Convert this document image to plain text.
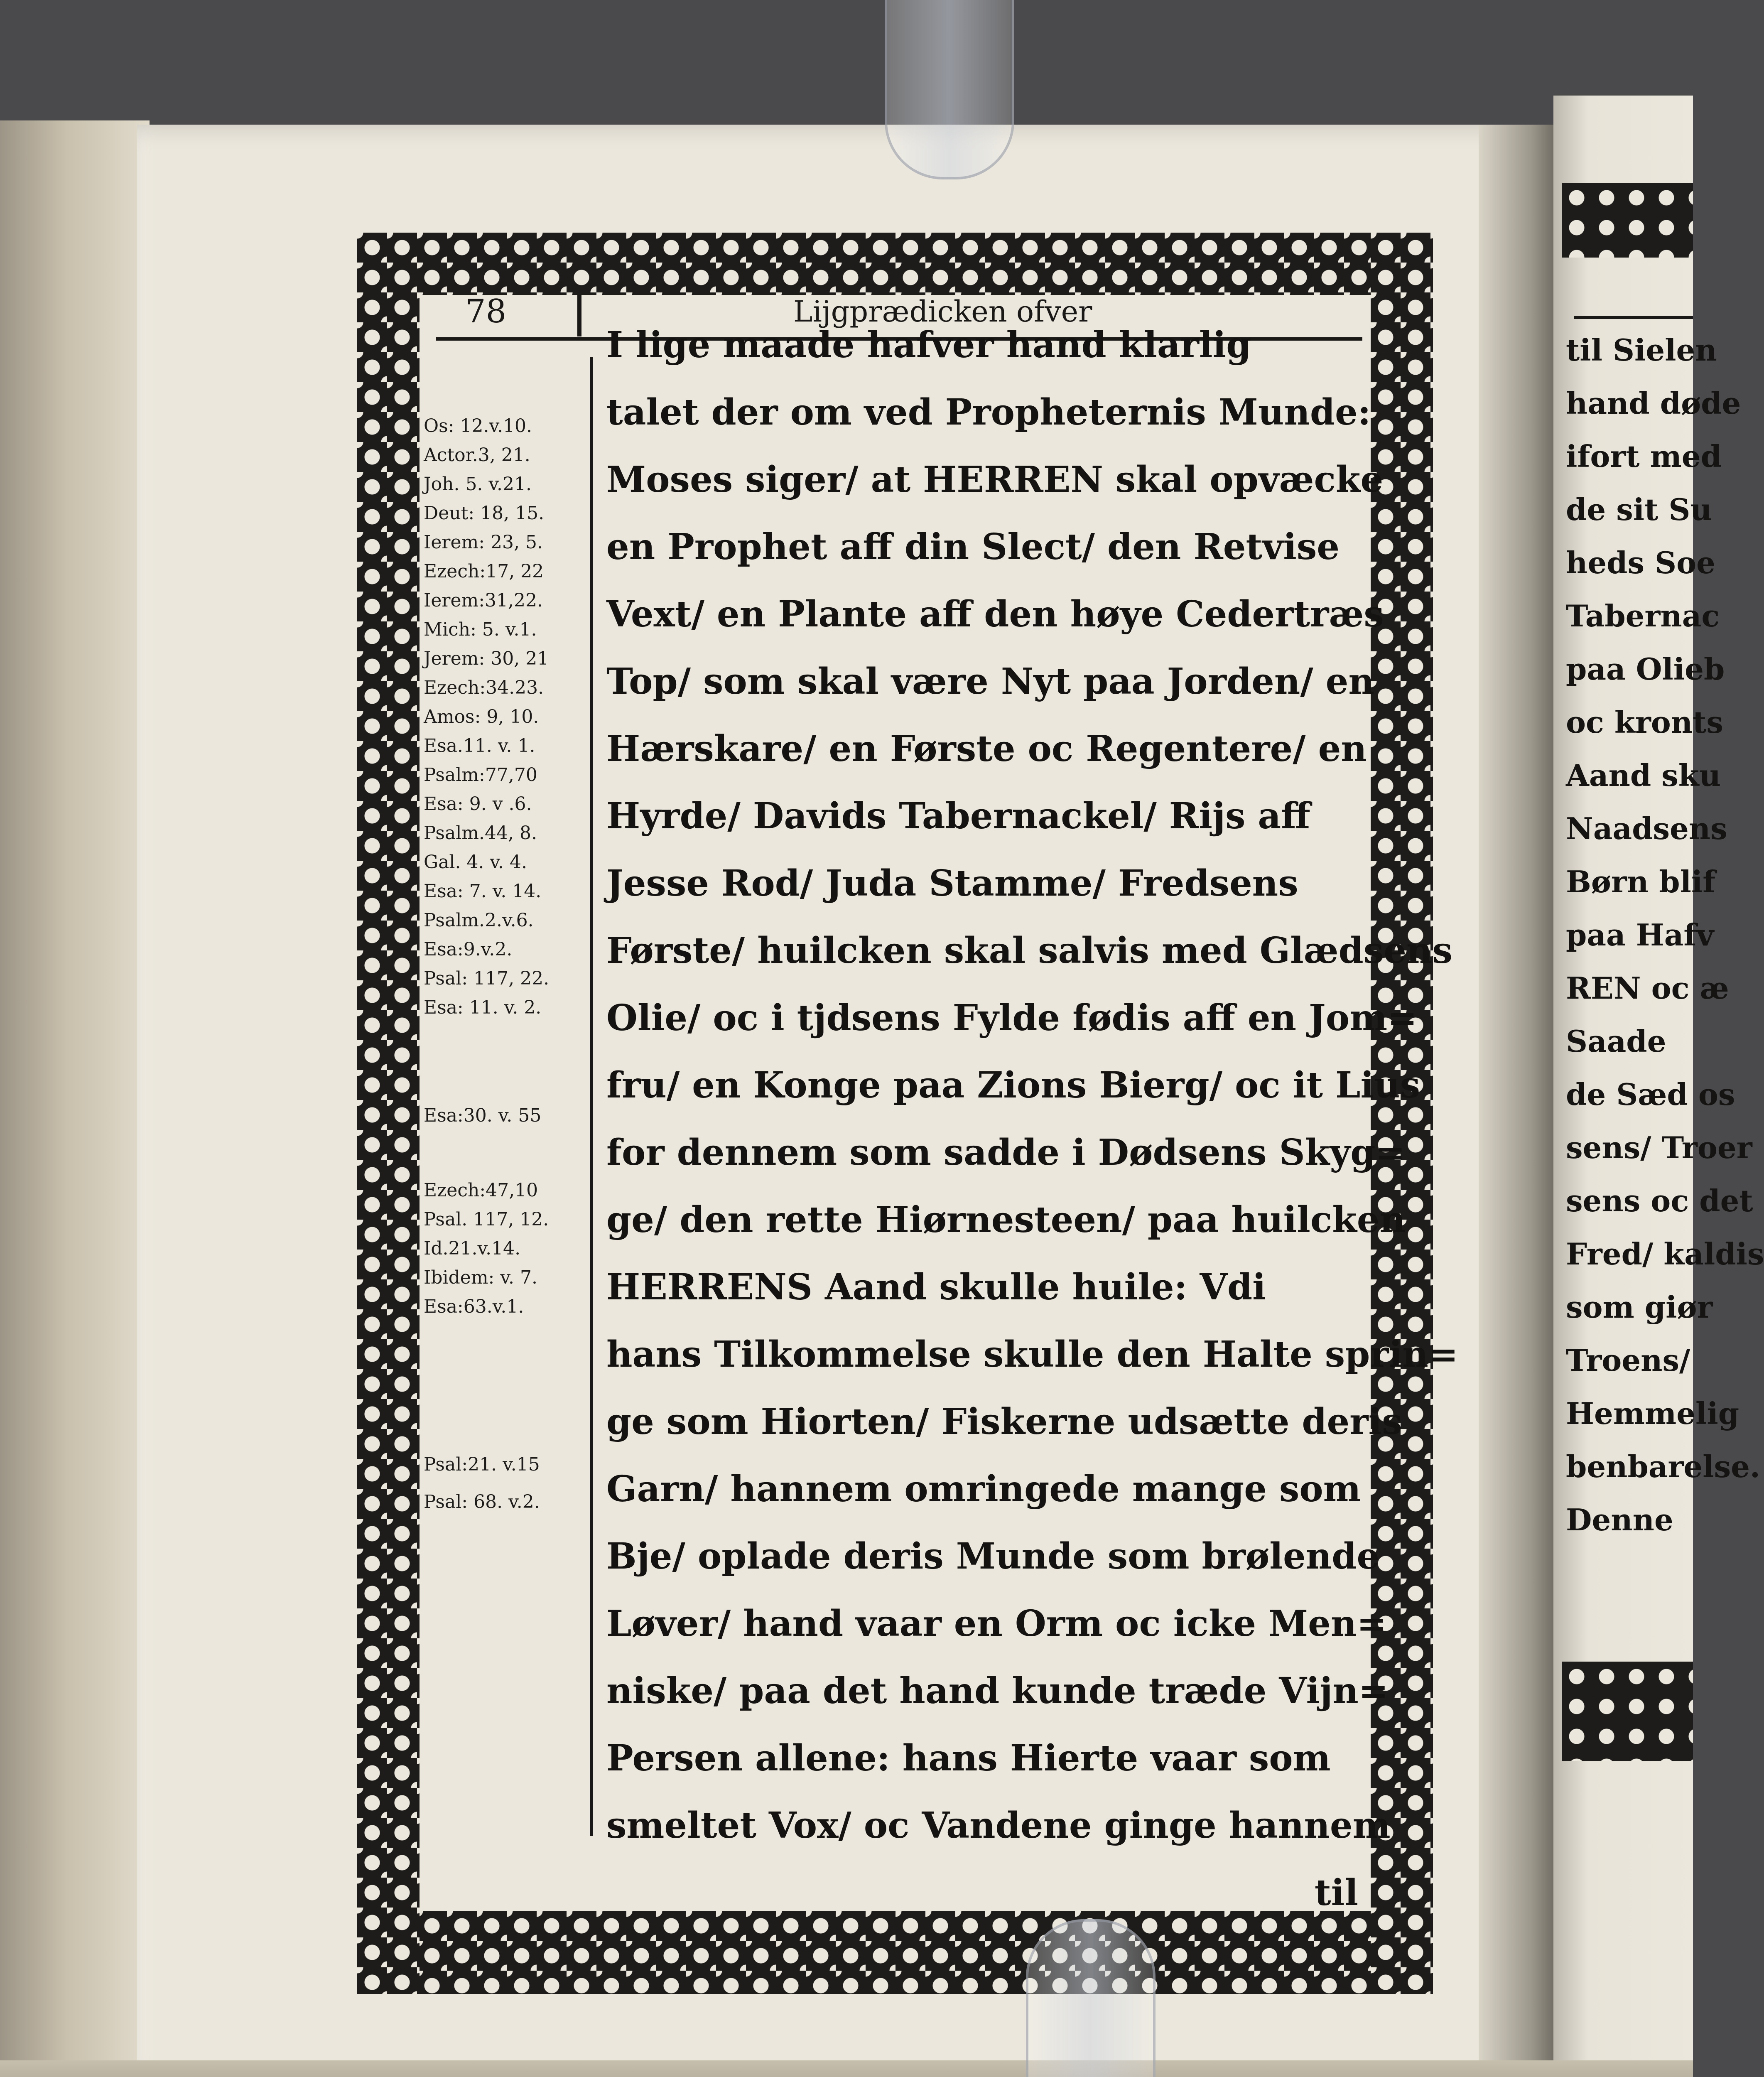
78	Lijgprædicken ofver
Os: 12.v.10.
Actor.3, 21.
Joh. 5. v.21.
Deut: 18, 15.
Ierem: 23, 5.
Ezech:17, 22
Ierem:31,22.
Mich: 5. v.1.
Jerem: 30, 21
Ezech:34.23.
Amos: 9, 10.
Esa.11. v. 1.
Psalm:77,70
Esa: 9. v .6.
Psalm.44, 8.
Gal. 4. v. 4.
Esa: 7. v. 14.
Psalm.2.v.6.
Esa:9.v.2.
Psal: 117, 22.
Esa: 11. v. 2.
Esa:30. v. 55
Ezech:47,10
Psal. 117, 12.
Id.21.v.14.
Ibidem: v. 7.
Esa:63.v.1.
Psal:21. v.15
Psal: 68. v.2.
I lige maade hafver hand klarlig
talet der om ved Propheternis Munde:
Moses siger/ at HERREN skal opvæcke
en Prophet aff din Slect/ den Retvise
Vext/ en Plante aff den høye Cedertræs
Top/ som skal være Nyt paa Jorden/ en
Hærskare/ en Første oc Regentere/ en
Hyrde/ Davids Tabernackel/ Rijs aff
Jesse Rod/ Juda Stamme/ Fredsens
Første/ huilcken skal salvis med Glædsens
Olie/ oc i tjdsens Fylde fødis aff en Jom=
fru/ en Konge paa Zions Bierg/ oc it Lius
for dennem som sadde i Dødsens Skyg=
ge/ den rette Hiørnesteen/ paa huilcken
HERRENS Aand skulle huile: Vdi
hans Tilkommelse skulle den Halte sprin=
ge som Hiorten/ Fiskerne udsætte deris
Garn/ hannem omringede mange som
Bje/ oplade deris Munde som brølende
Løver/ hand vaar en Orm oc icke Men=
niske/ paa det hand kunde træde Vijn=
Persen allene: hans Hierte vaar som
smeltet Vox/ oc Vandene ginge hannem
til
til Sielen
hand døde
ifort med
de sit Su
heds Soe
Tabernac
paa Olieb
oc kronts
Aand sku
Naadsens
Børn blif
paa Hafv
REN oc æ
Saade
de Sæd os
sens/ Troer
sens oc det
Fred/ kaldis
som giør
Troens/
Hemmelig
benbarelse.
Denne
